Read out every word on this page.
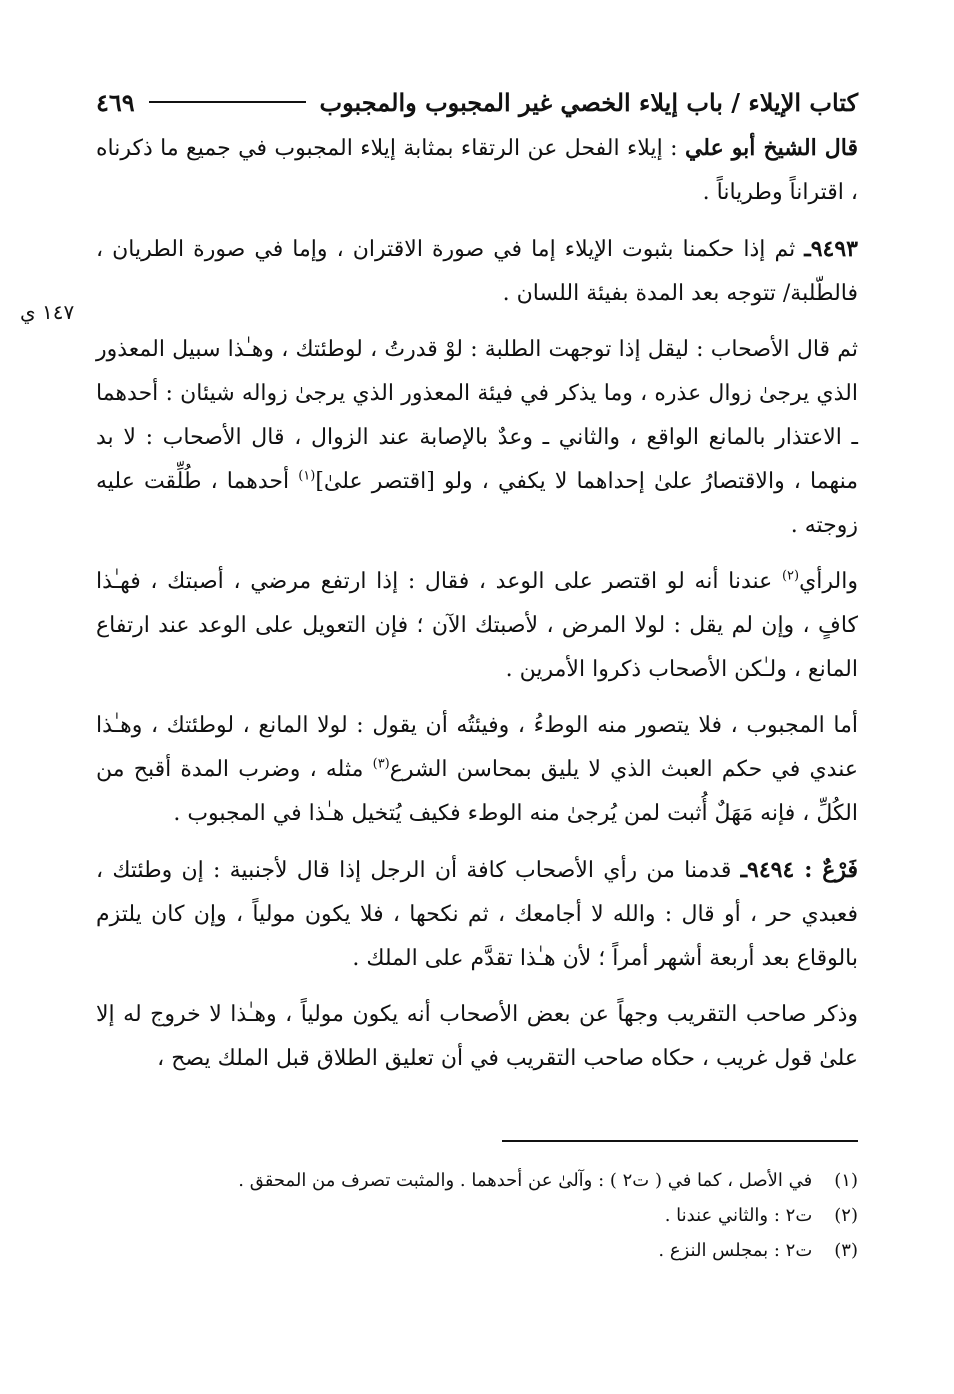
كتاب الإيلاء / باب إيلاء الخصي غير المجبوب والمجبوب
٤٦٩
١٤٧ ي

قال الشيخ أبو علي : إيلاء الفحل عن الرتقاء بمثابة إيلاء المجبوب في جميع ما ذكرناه ، اقتراناً وطرياناً .

٩٤٩٣ـ ثم إذا حكمنا بثبوت الإيلاء إما في صورة الاقتران ، وإما في صورة الطريان ، فالطّلبة/ تتوجه بعد المدة بفيئة اللسان .

ثم قال الأصحاب : ليقل إذا توجهت الطلبة : لوْ قدرتُ ، لوطئتك ، وهـٰذا سبيل المعذور الذي يرجىٰ زوال عذره ، وما يذكر في فيئة المعذور الذي يرجىٰ زواله شيئان : أحدهما ـ الاعتذار بالمانع الواقع ، والثاني ـ وعدٌ بالإصابة عند الزوال ، قال الأصحاب : لا بد منهما ، والاقتصارُ علىٰ إحداهما لا يكفي ، ولو [اقتصر علىٰ]$^{(١)}$ أحدهما ، طُلِّقت عليه زوجته .

والرأي$^{(٢)}$ عندنا أنه لو اقتصر على الوعد ، فقال : إذا ارتفع مرضي ، أصبتك ، فهـٰذا كافٍ ، وإن لم يقل : لولا المرض ، لأصبتك الآن ؛ فإن التعويل على الوعد عند ارتفاع المانع ، ولـٰكن الأصحاب ذكروا الأمرين .

أما المجبوب ، فلا يتصور منه الوطءُ ، وفيئتُه أن يقول : لولا المانع ، لوطئتك ، وهـٰذا عندي في حكم العبث الذي لا يليق بمحاسن الشرع$^{(٣)}$ مثله ، وضرب المدة أقبح من الكُلِّ ، فإنه مَهَلٌ أُثبت لمن يُرجىٰ منه الوطء فكيف يُتخيل هـٰذا في المجبوب .

فَرْعٌ : ٩٤٩٤ـ قدمنا من رأي الأصحاب كافة أن الرجل إذا قال لأجنبية : إن وطئتك ، فعبدي حر ، أو قال : والله لا أجامعك ، ثم نكحها ، فلا يكون مولياً ، وإن كان يلتزم بالوقاع بعد أربعة أشهر أمراً ؛ لأن هـٰذا تقدَّم على الملك .

وذكر صاحب التقريب وجهاً عن بعض الأصحاب أنه يكون مولياً ، وهـٰذا لا خروج له إلا علىٰ قول غريب ، حكاه صاحب التقريب في أن تعليق الطلاق قبل الملك يصح ،

(١) في الأصل ، كما في ( ت٢ ) : وآلىٰ عن أحدهما . والمثبت تصرف من المحقق .
(٢) ت٢ : والثاني عندنا .
(٣) ت٢ : بمجلس النزع .
